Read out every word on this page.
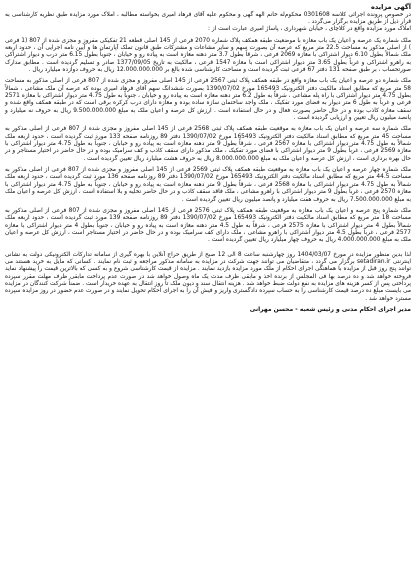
آگهی مزایده

در خصوص پرونده اجرائی کلاسه 0301608 محکوم‌له خانم الهه گهی و محکوم علیه آقای فرهاد امیری بخواسته مطالبه ، املاک مورد مزایده طبق نظریه کارشناسی به قرار ذیل از طریق مزایده برگزار می‌گردد .

املاک مورد مزایده واقع در کلاچای ، خیابان شهرداری ، پاساژ امیری عبارت است از :

ملک شماره یک عرصه و اعیان یک باب مغازه با موضعیت طبقه همکف پلاک شماره 2070 فرعی از 145 اصلی قطعه 21 تفکیکی مفروز و مجزی شده از 807 (1 فرعی ) از اصلی مذکور به مساحت 22.5 متر مربع که عرصه آن بصورت سهم و سایر مشاعات و مشترکات طبق قانون تملک آپارتمان ها و آیین نامه اجرایی آن ، حدود اربعه ملک شمالاً بطول 6.10 دیوار اشتراکی با مغازه 2069 فرعی ، شرقاً بطول 3.7 متر دهنه مغازه است به پیاده رو و خیابان ، جنوباً بطول 6.15 متر درب و دیوار اشتراکی به راهرو اشتراکی و غرباً بطول 3.65 متر دیوار اشتراکی است با مغازه 1547 قرعی ، مالکیت به تاریخ 1377/09/05 صادر و تسلیم گردیده است . مطابق مدارک صورتحساب ، بر طبق صفحه 131 دفتر 67 فرعی ثبت گردیده است و مساحت کارشناسی شده بالغ بر 12.000.000.000 ریال به حروف دوازده میلیارد ریال .

ملک شماره دو عرصه و اعیان یک باب مغازه واقع در طبقه همکف پلاک ثبتی 2567 فرعی از 145 اصلی مفروز و مجزی شده از 807 فرعی از اصلی مذکور به مساحت 58 متر مربع که مطابق اسناد مالکیت دفتر الکترونیک 165493 مورخ 1390/07/02 بصورت ششدانگ سهم آقای فرهاد امیری بوده که عرصه آن ملک مشاعی ، شمالاً بطول 4.75 متر دیوار اشتراکی با راه پله مشاعی ، شرقاً به طول 6.2 متر دهنه مغازه است به پیاده رو و خیابان ، جنوباً به طول 4.75 متر دیوار اشتراکی با مغازه 2571 فرعی و غرباً به طول 6 متر دیوار به فضای مورد تفکیک ، ملک واجد ساختمان سازه ساده بوده و مغازه دارای درب کرکره برقی است که در طبقه همکف واقع شده و سقف مغازه کاذب بوده و در حال حاضر بصورت فعال و در حال استفاده است . ارزش کل عرصه و اعیان ملک به مبلغ 9.500.000.000 ریال به حروف نه میلیارد و پانصد میلیون ریال تعیین و ارزیابی گردیده است .

ملک شماره سه عرصه و اعیان یک باب مغازه به موقعیت طبقه همکف پلاک ثبتی 2568 فرعی از 145 اصلی مفروز و مجزی شده از 807 فرعی از اصلی مذکور به مساحت 45 متر مربع که مطابق اسناد مالکیت دفتر الکترونیک 165493 مورخ 1390/07/02 دفتر 89 روزنامه صفحه 133 مورد ثبت گردیده است ، حدود اربعه ملک شمالاً به طول 4.75 متر دیوار اشتراکی با مغازه 2567 فرعی ، شرقاً بطول 9 متر دهنه مغازه است به پیاده رو و خیابان ، جنوباً به طول 4.75 متر دیوار اشتراکی با مغازه 2569 فرعی ، غرباً بطول 9 متر دیوار اشتراکی با فضای مورد تفکیک ، ملک مذکور دارای سقف کاذب و کف سرامیک بوده و در حال حاضر در اختیار مستاجر و در حال بهره برداری است ، ارزش کل عرصه و اعیان ملک به مبلغ 8.000.000.000 ریال به حروف هشت میلیارد ریال تعیین گردیده است .

ملک شماره چهار عرصه و اعیان یک باب مغازه به موقعیت طبقه همکف پلاک ثبتی 2569 فرعی از 145 اصلی مفروز و مجزی شده از 807 فرعی از اصلی مذکور به مساحت 44.5 متر مربع که مطابق اسناد مالکیت دفتر الکترونیک 165493 مورخ 1390/07/02 دفتر 89 روزنامه صفحه 136 مورد ثبت گردیده است ، حدود اربعه ملک شمالاً به طول 4.75 متر دیوار اشتراکی با مغازه 2568 فرعی ، شرقاً بطول 9 متر دهنه مغازه است به پیاده رو و خیابان ، جنوباً به طول 4.75 متر دیوار اشتراکی با مغازه 2570 فرعی ، غرباً بطول 9 متر دیوار اشتراکی با راهرو مشاعی ، ملک فاقد سقف کاذب و در حال حاضر تخلیه و بلا استفاده است ، ارزش کل عرصه و اعیان ملک به مبلغ 7.500.000.000 ریال به حروف هفت میلیارد و پانصد میلیون ریال تعیین گردیده است .

ملک شماره پنج عرصه و اعیان یک باب مغازه به موقعیت طبقه همکف پلاک ثبتی 2576 فرعی از 145 اصلی مفروز و مجزی شده از 807 فرعی از اصلی مذکور به مساحت 18 متر مربع که مطابق اسناد مالکیت دفتر الکترونیک 165493 مورخ 1390/07/02 دفتر 89 روزنامه صفحه 139 مورد ثبت گردیده است ، حدود اربعه ملک شمالاً بطول 4 متر دیوار اشتراکی با مغازه 2575 فرعی ، شرقاً به طول 4.5 متر دهنه مغازه است به پیاده رو و خیابان ، جنوباً بطول 4 متر دیوار اشتراکی با مغازه 2577 فرعی ، غرباً بطول 4.5 متر دیوار اشتراکی با راهرو مشاعی ، ملک دارای کف سرامیک بوده و در حال حاضر در اختیار مستاجر است ، ارزش کل عرصه و اعیان ملک به مبلغ 4.000.000.000 ریال به حروف چهار میلیارد ریال تعیین گردیده است .

لذا بدین منظور مزایده در مورخ 1404/03/07 روز چهارشنبه ساعت 8 الی 12 صبح از طریق حراج آنلاین با بهره گیری از سامانه تدارکات الکترونیکی دولت به نشانی اینترنتی setadiran.ir برگزار می گردد ، متقاضیان می توانند جهت شرکت در مزایده به سامانه مذکور مراجعه و ثبت نام نمایند . کسانی که مایل به خرید هستند می توانند پنج روز قبل از مزایده با هماهنگی اجرای احکام از ملک مورد مزایده بازدید نمایند . مزایده از قیمت کارشناسی شروع و به کسی که بالاترین قیمت را پیشنهاد نماید فروخته خواهد شد و ده درصد بها فی المجلس از برنده اخذ و مابقی ظرف مدت یک ماه وصول خواهد شد در صورت عدم پرداخت مابقی ظرف مهلت مقرر سپرده پرداختی پس از کسر هزینه های مزایده به نفع دولت ضبط خواهد شد . هزینه انتقال سند و دیون ملک تا روز انتقال به عهده خریدار است . ضمناً شرکت کنندگان در مزایده می بایست مبلغ ده درصد قیمت کارشناسی را به حساب سپرده دادگستری واریز و فیش آن را به اجرای احکام تحویل نمایند و در صورت عدم حضور در روز مزایده سپرده مسترد خواهد شد .

مدیر اجرای احکام مدنی و رئیس شعبه - محسن مهرانی
